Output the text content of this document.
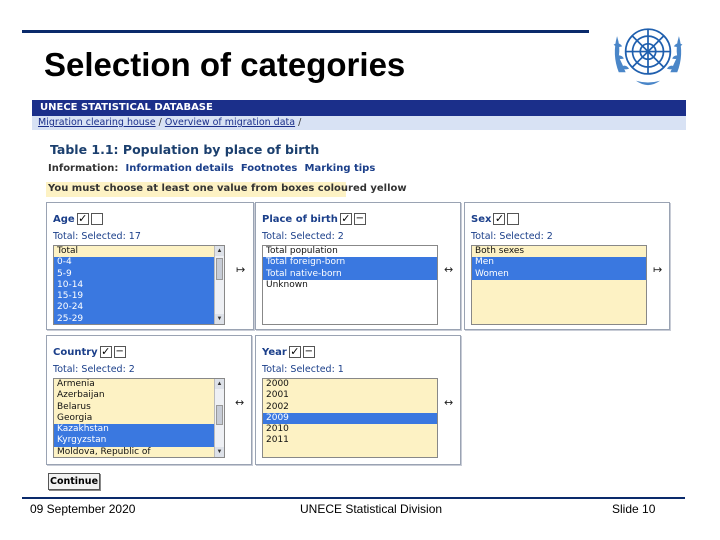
Selection of categories
UNECE STATISTICAL DATABASE
Migration clearing house / Overview of migration data /
Table 1.1: Population by place of birth
Information: Information details Footnotes Marking tips
You must choose at least one value from boxes coloured yellow
Age ✓
Total: Selected: 17
Total
0-4
5-9
10-14
15-19
20-24
25-29
▲
▼
↦
Place of birth ✓ −
Total: Selected: 2
Total population
Total foreign-born
Total native-born
Unknown
↔
Sex ✓
Total: Selected: 2
Both sexes
Men
Women	↦
Country ✓ −
Total: Selected: 2
Armenia
Azerbaijan
Belarus
Georgia
Kazakhstan
Kyrgyzstan
Moldova, Republic of
▲
▼
↔
Year ✓ −
Total: Selected: 1
2000
2001
2002
2009
2010
2011
↔
Continue
09 September 2020	UNECE Statistical Division	Slide 10
